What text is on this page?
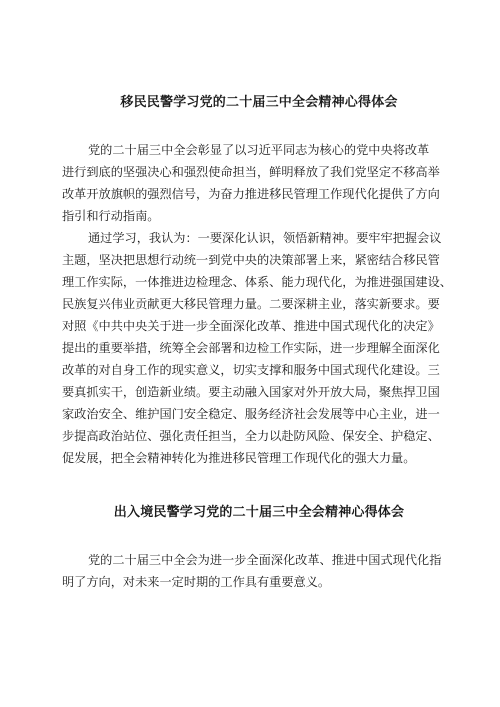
移民民警学习党的二十届三中全会精神心得体会

党的二十届三中全会彰显了以习近平同志为核心的党中央将改革
进行到底的坚强决心和强烈使命担当，鲜明释放了我们党坚定不移高举
改革开放旗帜的强烈信号，为奋力推进移民管理工作现代化提供了方向
指引和行动指南。

通过学习，我认为：一要深化认识，领悟新精神。要牢牢把握会议
主题，坚决把思想行动统一到党中央的决策部署上来，紧密结合移民管
理工作实际，一体推进边检理念、体系、能力现代化，为推进强国建设、
民族复兴伟业贡献更大移民管理力量。二要深耕主业，落实新要求。要
对照《中共中央关于进一步全面深化改革、推进中国式现代化的决定》
提出的重要举措，统筹全会部署和边检工作实际，进一步理解全面深化
改革的对自身工作的现实意义，切实支撑和服务中国式现代化建设。三
要真抓实干，创造新业绩。要主动融入国家对外开放大局，聚焦捍卫国
家政治安全、维护国门安全稳定、服务经济社会发展等中心主业，进一
步提高政治站位、强化责任担当，全力以赴防风险、保安全、护稳定、
促发展，把全会精神转化为推进移民管理工作现代化的强大力量。

出入境民警学习党的二十届三中全会精神心得体会

党的二十届三中全会为进一步全面深化改革、推进中国式现代化指
明了方向，对未来一定时期的工作具有重要意义。
